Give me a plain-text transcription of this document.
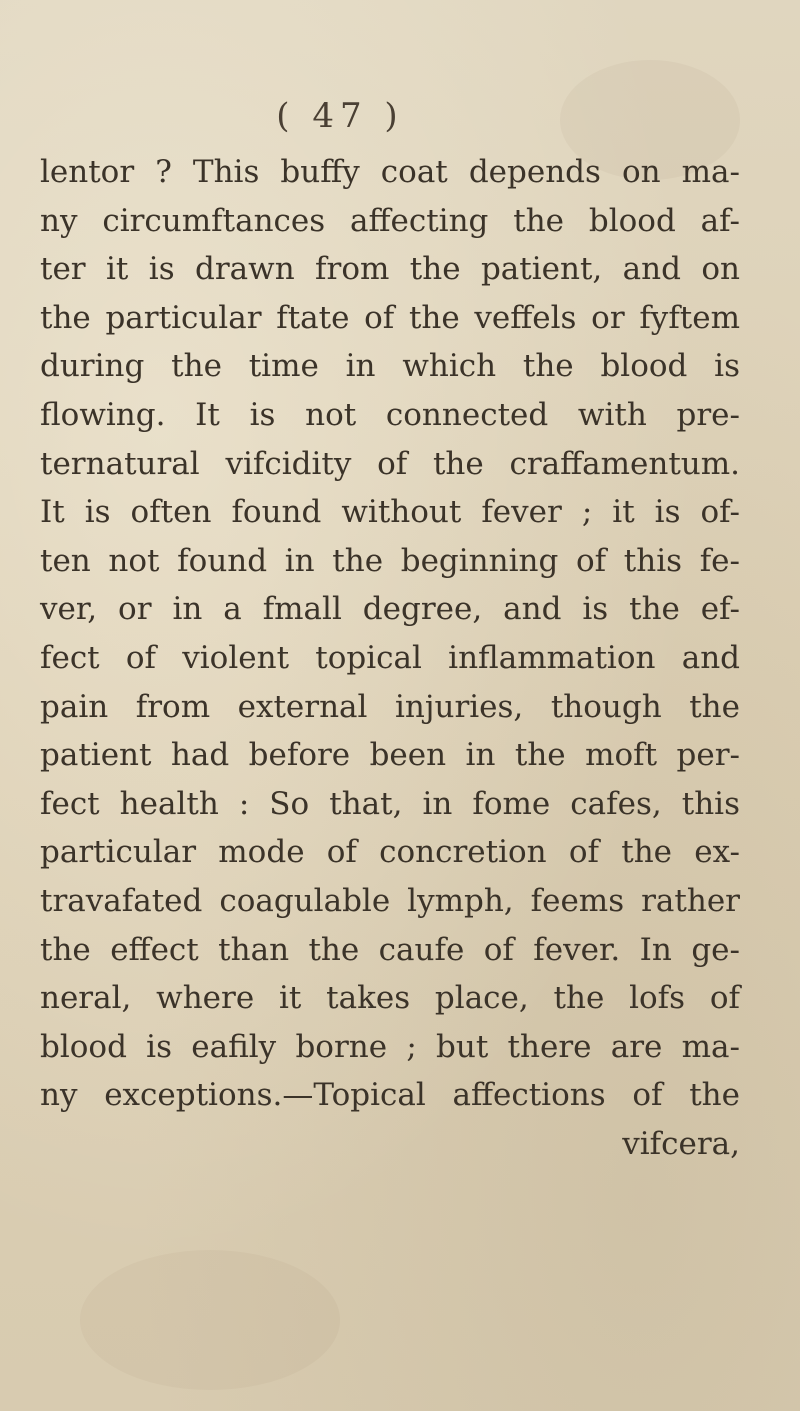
( 47 )
lentor ? This buffy coat depends on ma-
ny circumftances affecting the blood af-
ter it is drawn from the patient, and on
the particular ftate of the veffels or fyftem
during the time in which the blood is
flowing. It is not connected with pre-
ternatural vifcidity of the craffamentum.
It is often found without fever ; it is of-
ten not found in the beginning of this fe-
ver, or in a fmall degree, and is the ef-
fect of violent topical inflammation and
pain from external injuries, though the
patient had before been in the moft per-
fect health : So that, in fome cafes, this
particular mode of concretion of the ex-
travafated coagulable lymph, feems rather
the effect than the caufe of fever. In ge-
neral, where it takes place, the lofs of
blood is eafily borne ; but there are ma-
ny exceptions.—Topical affections of the
vifcera,
